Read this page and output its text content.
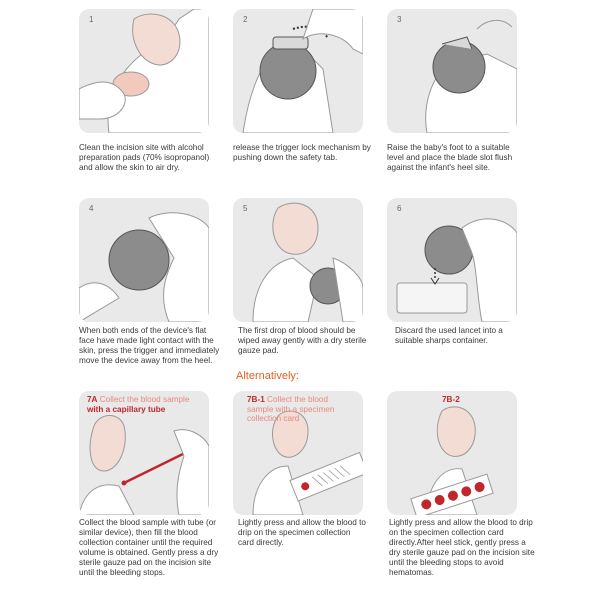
1	2	3
Clean the incision site with alcohol preparation pads (70% isopropanol) and allow the skin to air dry.
release the trigger lock mechanism by pushing down the safety tab.
Raise the baby's foot to a suitable level and place the blade slot flush against the infant's heel site.
4	5	6
When both ends of the device's flat face have made light contact with the skin, press the trigger and immediately move the device away from the heel.
The first drop of blood should be wiped away gently with a dry sterile gauze pad.
Discard the used lancet into a suitable sharps container.
Alternatively:
7A Collect the blood sample
with a capillary tube
7B-1 Collect the blood sample with a specimen collection card
7B-2
Collect the blood sample with tube (or similar device), then fill the blood collection container until the required volume is obtained. Gently press a dry sterile gauze pad on the incision site until the bleeding stops.
Lightly press and allow the blood to drip on the specimen collection card directly.
Lightly press and allow the blood to drip on the specimen collection card directly.After heel stick, gently press a dry sterile gauze pad on the incision site until the bleeding stops to avoid hematomas.
